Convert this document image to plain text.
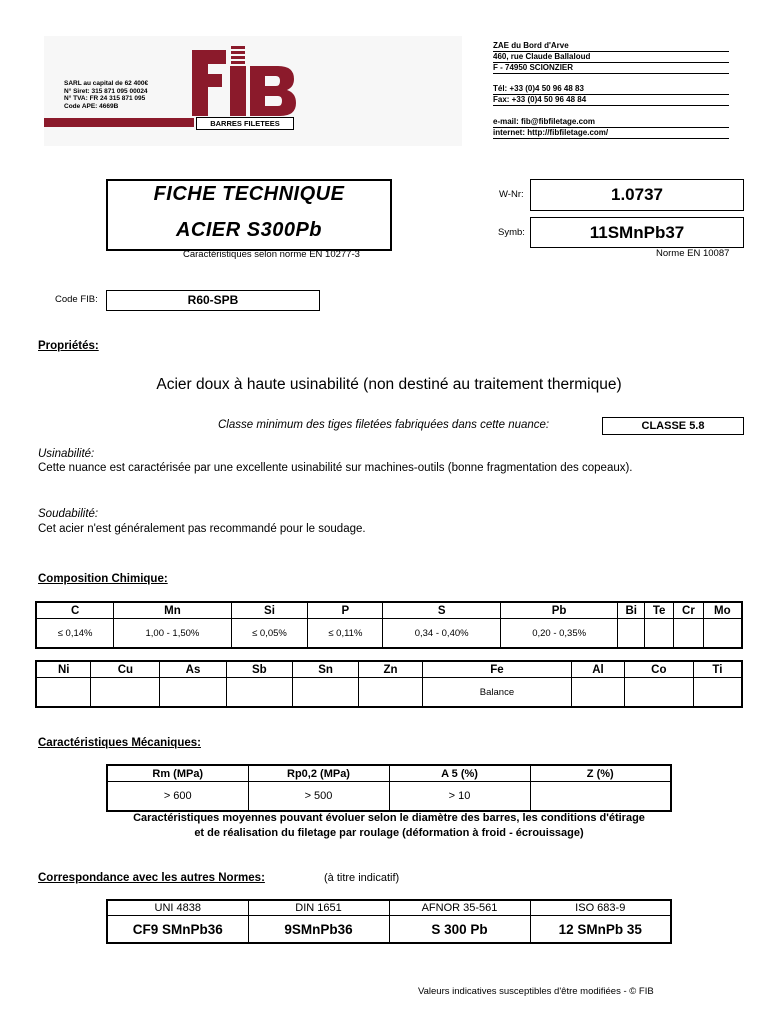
SARL au capital de 62 400€
N° Siret: 315 871 095 00024
N° TVA: FR 24 315 871 095
Code APE: 4669B
BARRES FILETEES
ZAE du Bord d'Arve
460, rue Claude Ballaloud
F - 74950 SCIONZIER
Tél: +33 (0)4 50 96 48 83
Fax: +33 (0)4 50 96 48 84
e-mail: fib@fibfiletage.com
internet: http://fibfiletage.com/
FICHE TECHNIQUE
ACIER S300Pb
Caractéristiques selon norme EN 10277-3
W-Nr:	1.0737
Symb:	11SMnPb37
Norme EN 10087
Code FIB:	R60-SPB
Propriétés:
Acier doux à haute usinabilité (non destiné au traitement thermique)
Classe minimum des tiges filetées fabriquées dans cette nuance:	CLASSE 5.8
Usinabilité:
Cette nuance est caractérisée par une excellente usinabilité sur machines-outils (bonne fragmentation des copeaux).
Soudabilité:
Cet acier n'est généralement pas recommandé pour le soudage.
Composition Chimique:
C	Mn	Si	P	S	Pb	Bi	Te	Cr	Mo
≤ 0,14%	1,00 - 1,50%	≤ 0,05%	≤ 0,11%	0,34 - 0,40%	0,20 - 0,35%				
Ni	Cu	As	Sb	Sn	Zn	Fe	Al	Co	Ti
						Balance			
Caractéristiques Mécaniques:
Rm (MPa)	Rp0,2 (MPa)	A 5 (%)	Z (%)
> 600	> 500	> 10	
Caractéristiques moyennes pouvant évoluer selon le diamètre des barres, les conditions d'étirage
et de réalisation du filetage par roulage (déformation à froid - écrouissage)
Correspondance avec les autres Normes:	(à titre indicatif)
UNI 4838	DIN 1651	AFNOR 35-561	ISO 683-9
CF9 SMnPb36	9SMnPb36	S 300 Pb	12 SMnPb 35
Valeurs indicatives susceptibles d'être modifiées - © FIB
